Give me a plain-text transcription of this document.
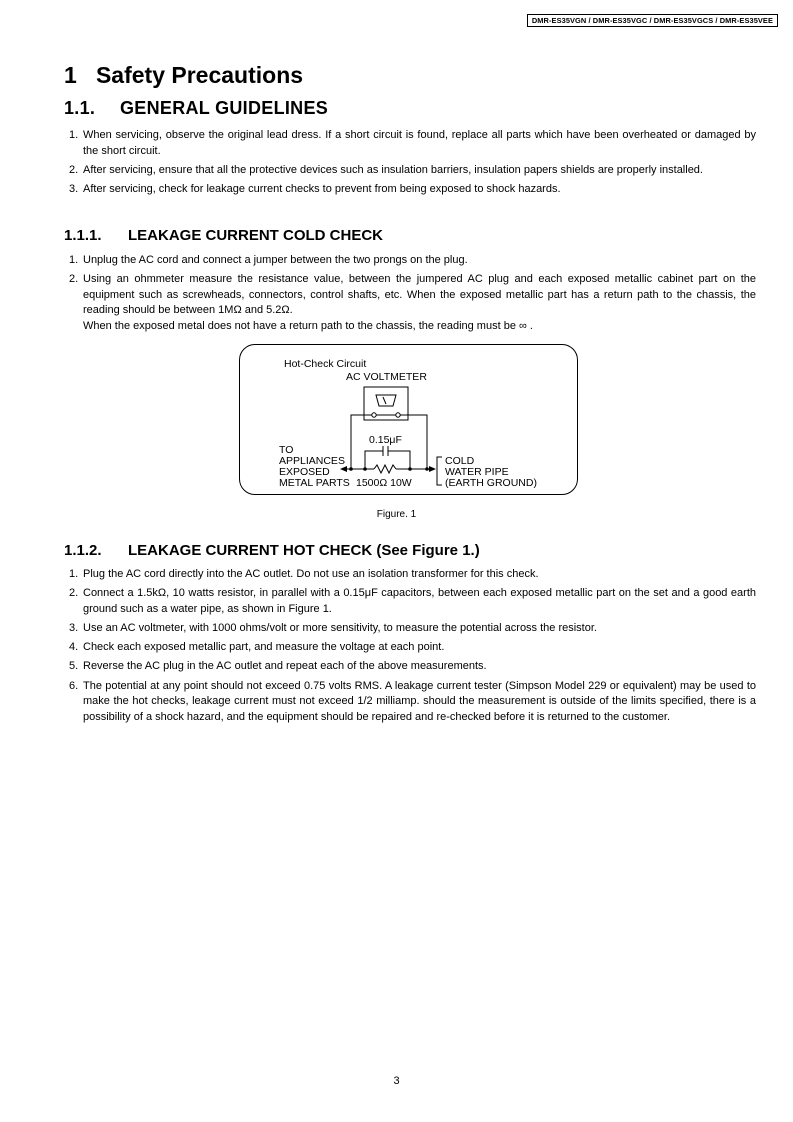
DMR-ES35VGN / DMR-ES35VGC / DMR-ES35VGCS / DMR-ES35VEE
1   Safety Precautions
1.1. GENERAL GUIDELINES
1. When servicing, observe the original lead dress. If a short circuit is found, replace all parts which have been overheated or damaged by the short circuit.
2. After servicing, ensure that all the protective devices such as insulation barriers, insulation papers shields are properly installed.
3. After servicing, check for leakage current checks to prevent from being exposed to shock hazards.
1.1.1. LEAKAGE CURRENT COLD CHECK
1. Unplug the AC cord and connect a jumper between the two prongs on the plug.
2. Using an ohmmeter measure the resistance value, between the jumpered AC plug and each exposed metallic cabinet part on the equipment such as screwheads, connectors, control shafts, etc. When the exposed metallic part has a return path to the chassis, the reading should be between 1MΩ and 5.2Ω.
When the exposed metal does not have a return path to the chassis, the reading must be ∞ .
Hot-Check Circuit
AC VOLTMETER
0.15μF
TO
APPLIANCES
EXPOSED
METAL PARTS 1500Ω 10W
COLD
WATER PIPE
(EARTH GROUND)
Figure. 1
1.1.2. LEAKAGE CURRENT HOT CHECK (See Figure 1.)
1. Plug the AC cord directly into the AC outlet. Do not use an isolation transformer for this check.
2. Connect a 1.5kΩ, 10 watts resistor, in parallel with a 0.15μF capacitors, between each exposed metallic part on the set and a good earth ground such as a water pipe, as shown in Figure 1.
3. Use an AC voltmeter, with 1000 ohms/volt or more sensitivity, to measure the potential across the resistor.
4. Check each exposed metallic part, and measure the voltage at each point.
5. Reverse the AC plug in the AC outlet and repeat each of the above measurements.
6. The potential at any point should not exceed 0.75 volts RMS. A leakage current tester (Simpson Model 229 or equivalent) may be used to make the hot checks, leakage current must not exceed 1/2 milliamp. should the measurement is outside of the limits specified, there is a possibility of a shock hazard, and the equipment should be repaired and re-checked before it is returned to the customer.
3
